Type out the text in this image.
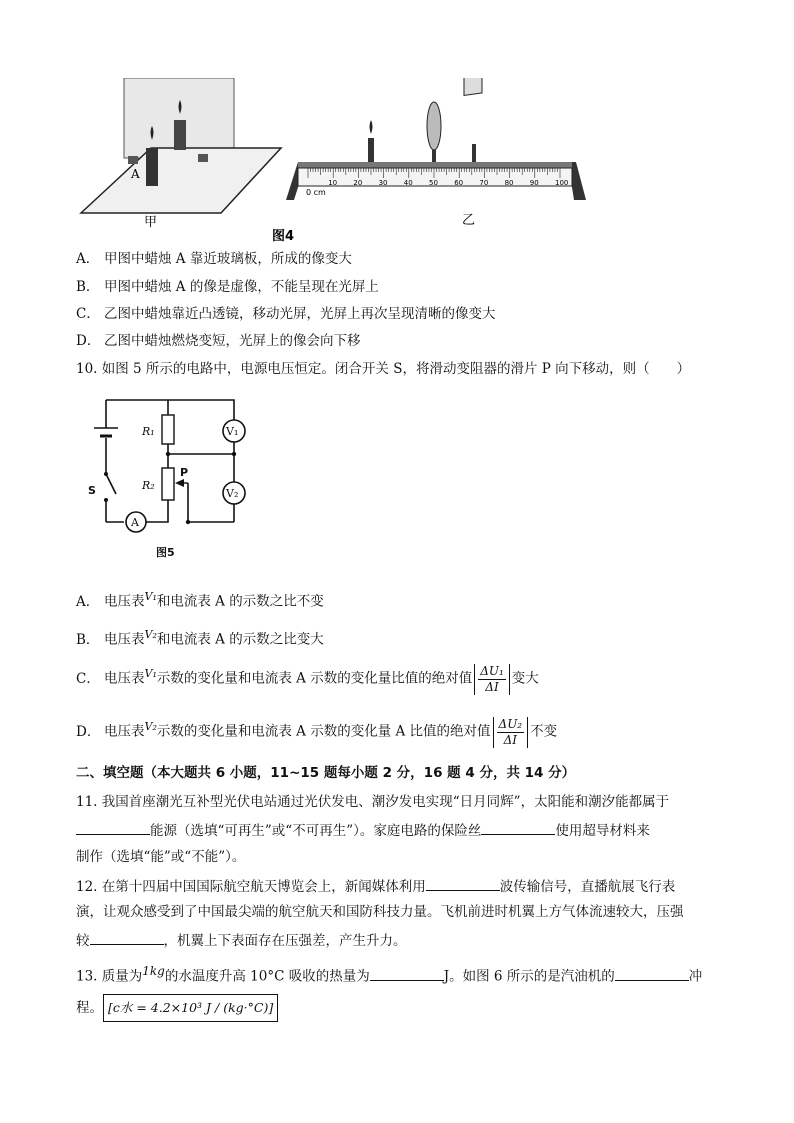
A
甲
图4
10 20 30 40 50 60 70 80 90 100
0 cm
乙
A． 甲图中蜡烛 A 靠近玻璃板，所成的像变大
B． 甲图中蜡烛 A 的像是虚像，不能呈现在光屏上
C． 乙图中蜡烛靠近凸透镜，移动光屏，光屏上再次呈现清晰的像变大
D． 乙图中蜡烛燃烧变短，光屏上的像会向下移
10. 如图 5 所示的电路中，电源电压恒定。闭合开关 S，将滑动变阻器的滑片 P 向下移动，则（　　）
V₁
V₂
A
R₁
R₂
P
S
图5
A． 电压表$^{V_1}$和电流表 A 的示数之比不变
B． 电压表$^{V_2}$和电流表 A 的示数之比变大
C． 电压表$^{V_1}$示数的变化量和电流表 A 示数的变化量比值的绝对值 $\frac{\text{ΔU₁}}{\Delta I}$ 变大
D． 电压表$^{V_2}$示数的变化量和电流表 A 示数的变化量 A 比值的绝对值 $\frac{\text{ΔU₂}}{\Delta I}$ 不变
二、填空题（本大题共 6 小题，11~15 题每小题 2 分，16 题 4 分，共 14 分）
11. 我国首座潮光互补型光伏电站通过光伏发电、潮汐发电实现“日月同辉”，太阳能和潮汐能都属于
能源（选填“可再生”或“不可再生”）。家庭电路的保险丝	使用超导材料来
制作（选填“能”或“不能”）。
12. 在第十四届中国国际航空航天博览会上，新闻媒体利用	波传输信号，直播航展飞行表
演，让观众感受到了中国最尖端的航空航天和国防科技力量。飞机前进时机翼上方气体流速较大，压强
较	，机翼上下表面存在压强差，产生升力。
13. 质量为1kg的水温度升高 10°C 吸收的热量为	J。如图 6 所示的是汽油机的	冲
程。 [c水 = 4.2×10³ J / (kg·°C)]
